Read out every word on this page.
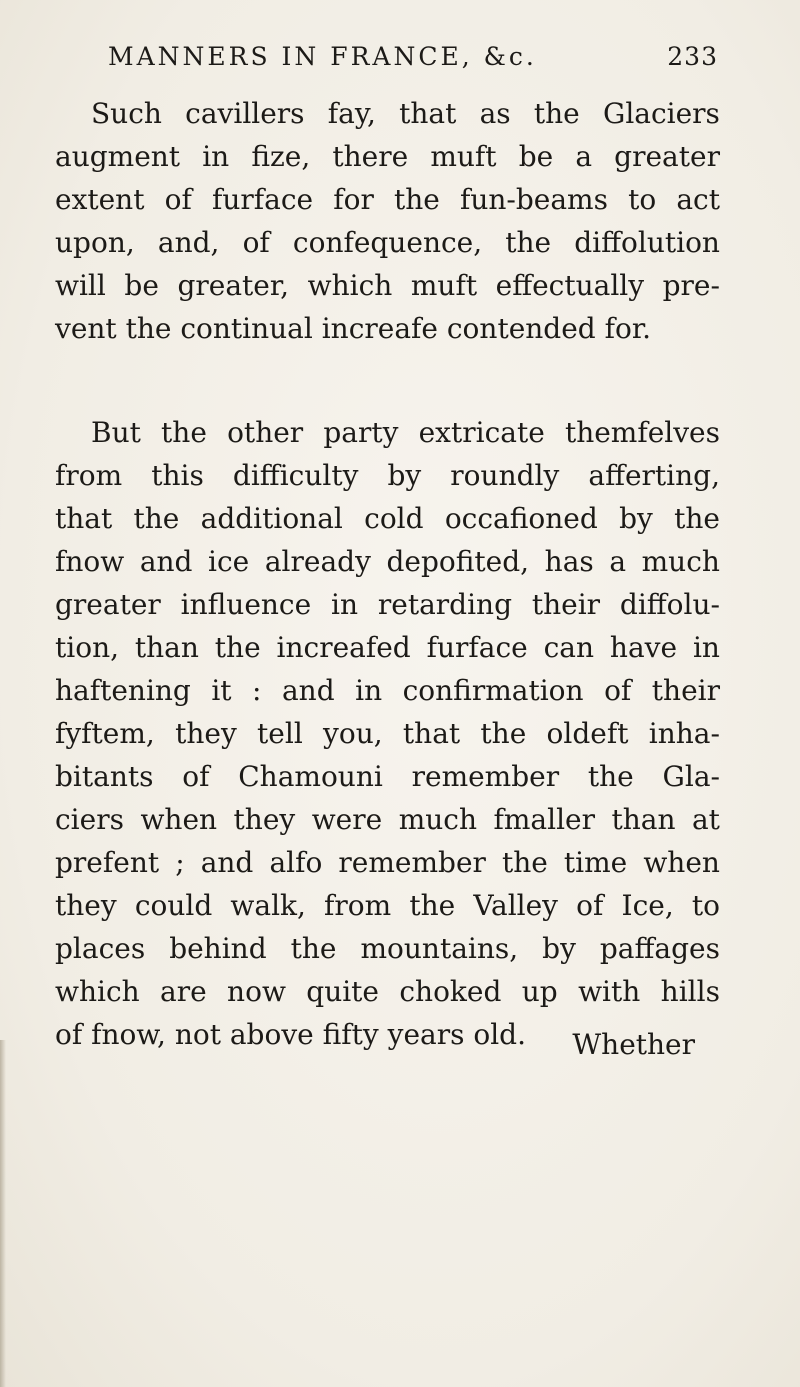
MANNERS IN FRANCE, &c.	233
Such cavillers fay, that as the Glaciers
augment in fize, there muft be a greater
extent of furface for the fun-beams to act
upon, and, of confequence, the diffolution
will be greater, which muft effectually pre-
vent the continual increafe contended for.
But the other party extricate themfelves
from this difficulty by roundly afferting,
that the additional cold occafioned by the
fnow and ice already depofited, has a much
greater influence in retarding their diffolu-
tion, than the increafed furface can have in
haftening it : and in confirmation of their
fyftem, they tell you, that the oldeft inha-
bitants of Chamouni remember the Gla-
ciers when they were much fmaller than at
prefent ; and alfo remember the time when
they could walk, from the Valley of Ice, to
places behind the mountains, by paffages
which are now quite choked up with hills
of fnow, not above fifty years old. Whether
